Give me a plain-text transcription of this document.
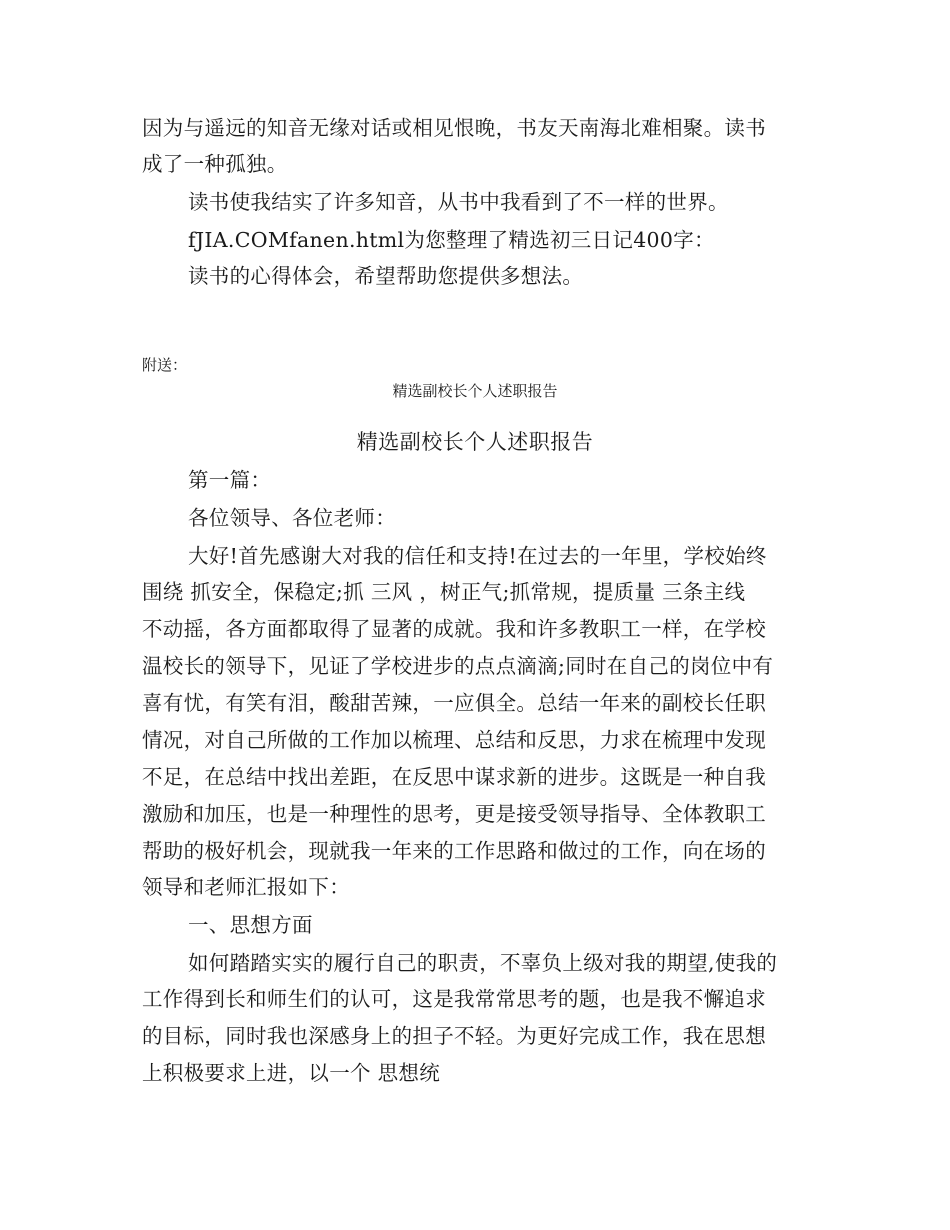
因为与遥远的知音无缘对话或相见恨晚，书友天南海北难相聚。读书
成了一种孤独。
读书使我结实了许多知音，从书中我看到了不一样的世界。
fJIA.COMfanen.html为您整理了精选初三日记400字：
读书的心得体会，希望帮助您提供多想法。
附送：
精选副校长个人述职报告
精选副校长个人述职报告
第一篇：
各位领导、各位老师：
大好!首先感谢大对我的信任和支持!在过去的一年里，学校始终
围绕 抓安全，保稳定;抓 三风 ，树正气;抓常规，提质量 三条主线
不动摇，各方面都取得了显著的成就。我和许多教职工一样，在学校
温校长的领导下，见证了学校进步的点点滴滴;同时在自己的岗位中有
喜有忧，有笑有泪，酸甜苦辣，一应俱全。总结一年来的副校长任职
情况，对自己所做的工作加以梳理、总结和反思，力求在梳理中发现
不足，在总结中找出差距，在反思中谋求新的进步。这既是一种自我
激励和加压，也是一种理性的思考，更是接受领导指导、全体教职工
帮助的极好机会，现就我一年来的工作思路和做过的工作，向在场的
领导和老师汇报如下：
一、思想方面
如何踏踏实实的履行自己的职责，不辜负上级对我的期望,使我的
工作得到长和师生们的认可，这是我常常思考的题，也是我不懈追求
的目标，同时我也深感身上的担子不轻。为更好完成工作，我在思想
上积极要求上进，以一个 思想统
